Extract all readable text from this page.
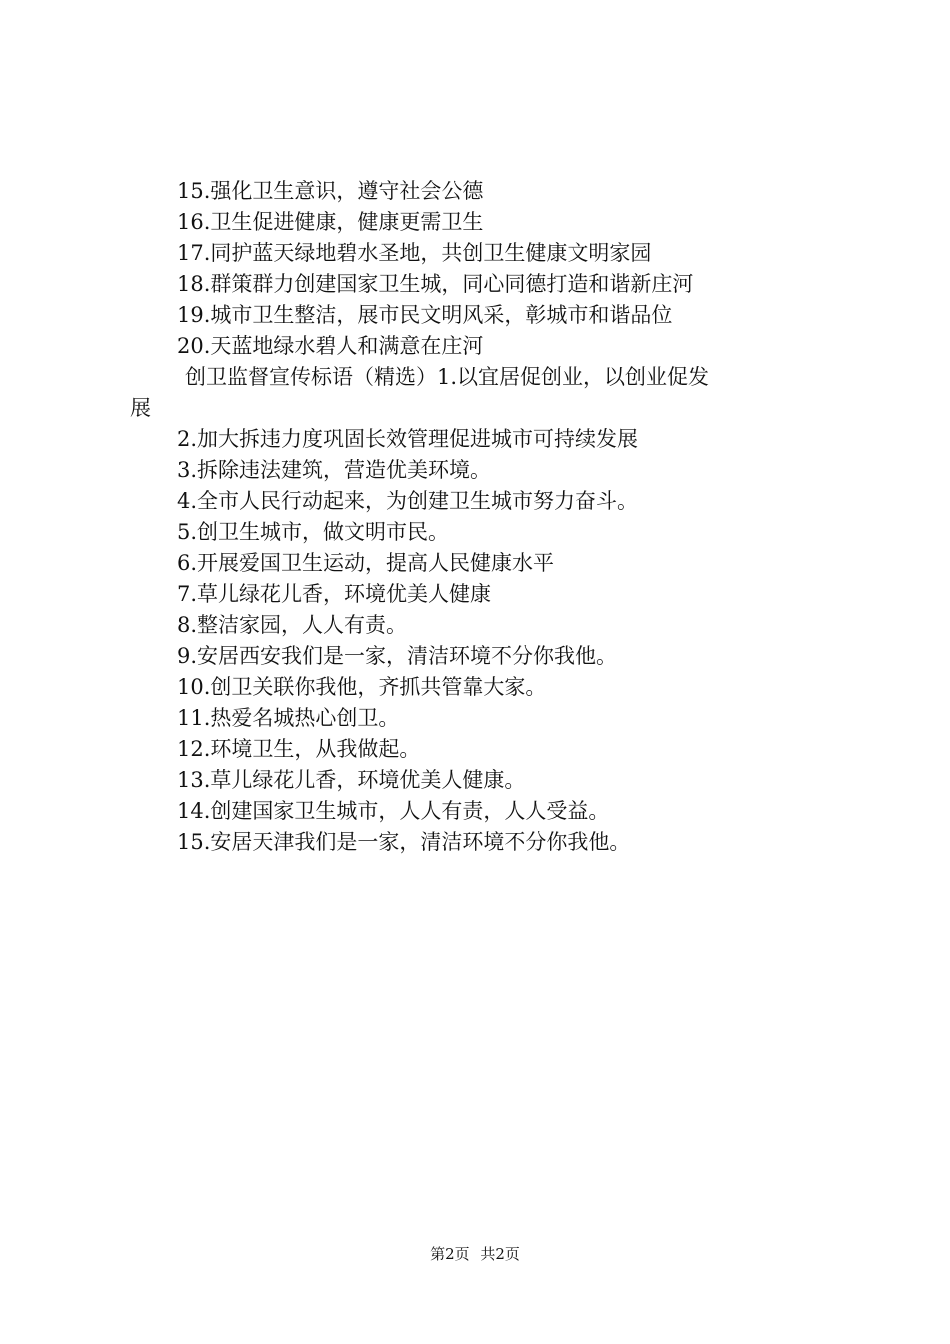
15.强化卫生意识，遵守社会公德
16.卫生促进健康，健康更需卫生
17.同护蓝天绿地碧水圣地，共创卫生健康文明家园
18.群策群力创建国家卫生城，同心同德打造和谐新庄河
19.城市卫生整洁，展市民文明风采，彰城市和谐品位
20.天蓝地绿水碧人和满意在庄河
创卫监督宣传标语（精选）1.以宜居促创业，以创业促发
展
2.加大拆违力度巩固长效管理促进城市可持续发展
3.拆除违法建筑，营造优美环境。
4.全市人民行动起来，为创建卫生城市努力奋斗。
5.创卫生城市，做文明市民。
6.开展爱国卫生运动，提高人民健康水平
7.草儿绿花儿香，环境优美人健康
8.整洁家园，人人有责。
9.安居西安我们是一家，清洁环境不分你我他。
10.创卫关联你我他，齐抓共管靠大家。
11.热爱名城热心创卫。
12.环境卫生，从我做起。
13.草儿绿花儿香，环境优美人健康。
14.创建国家卫生城市，人人有责，人人受益。
15.安居天津我们是一家，清洁环境不分你我他。
第2页 共2页
